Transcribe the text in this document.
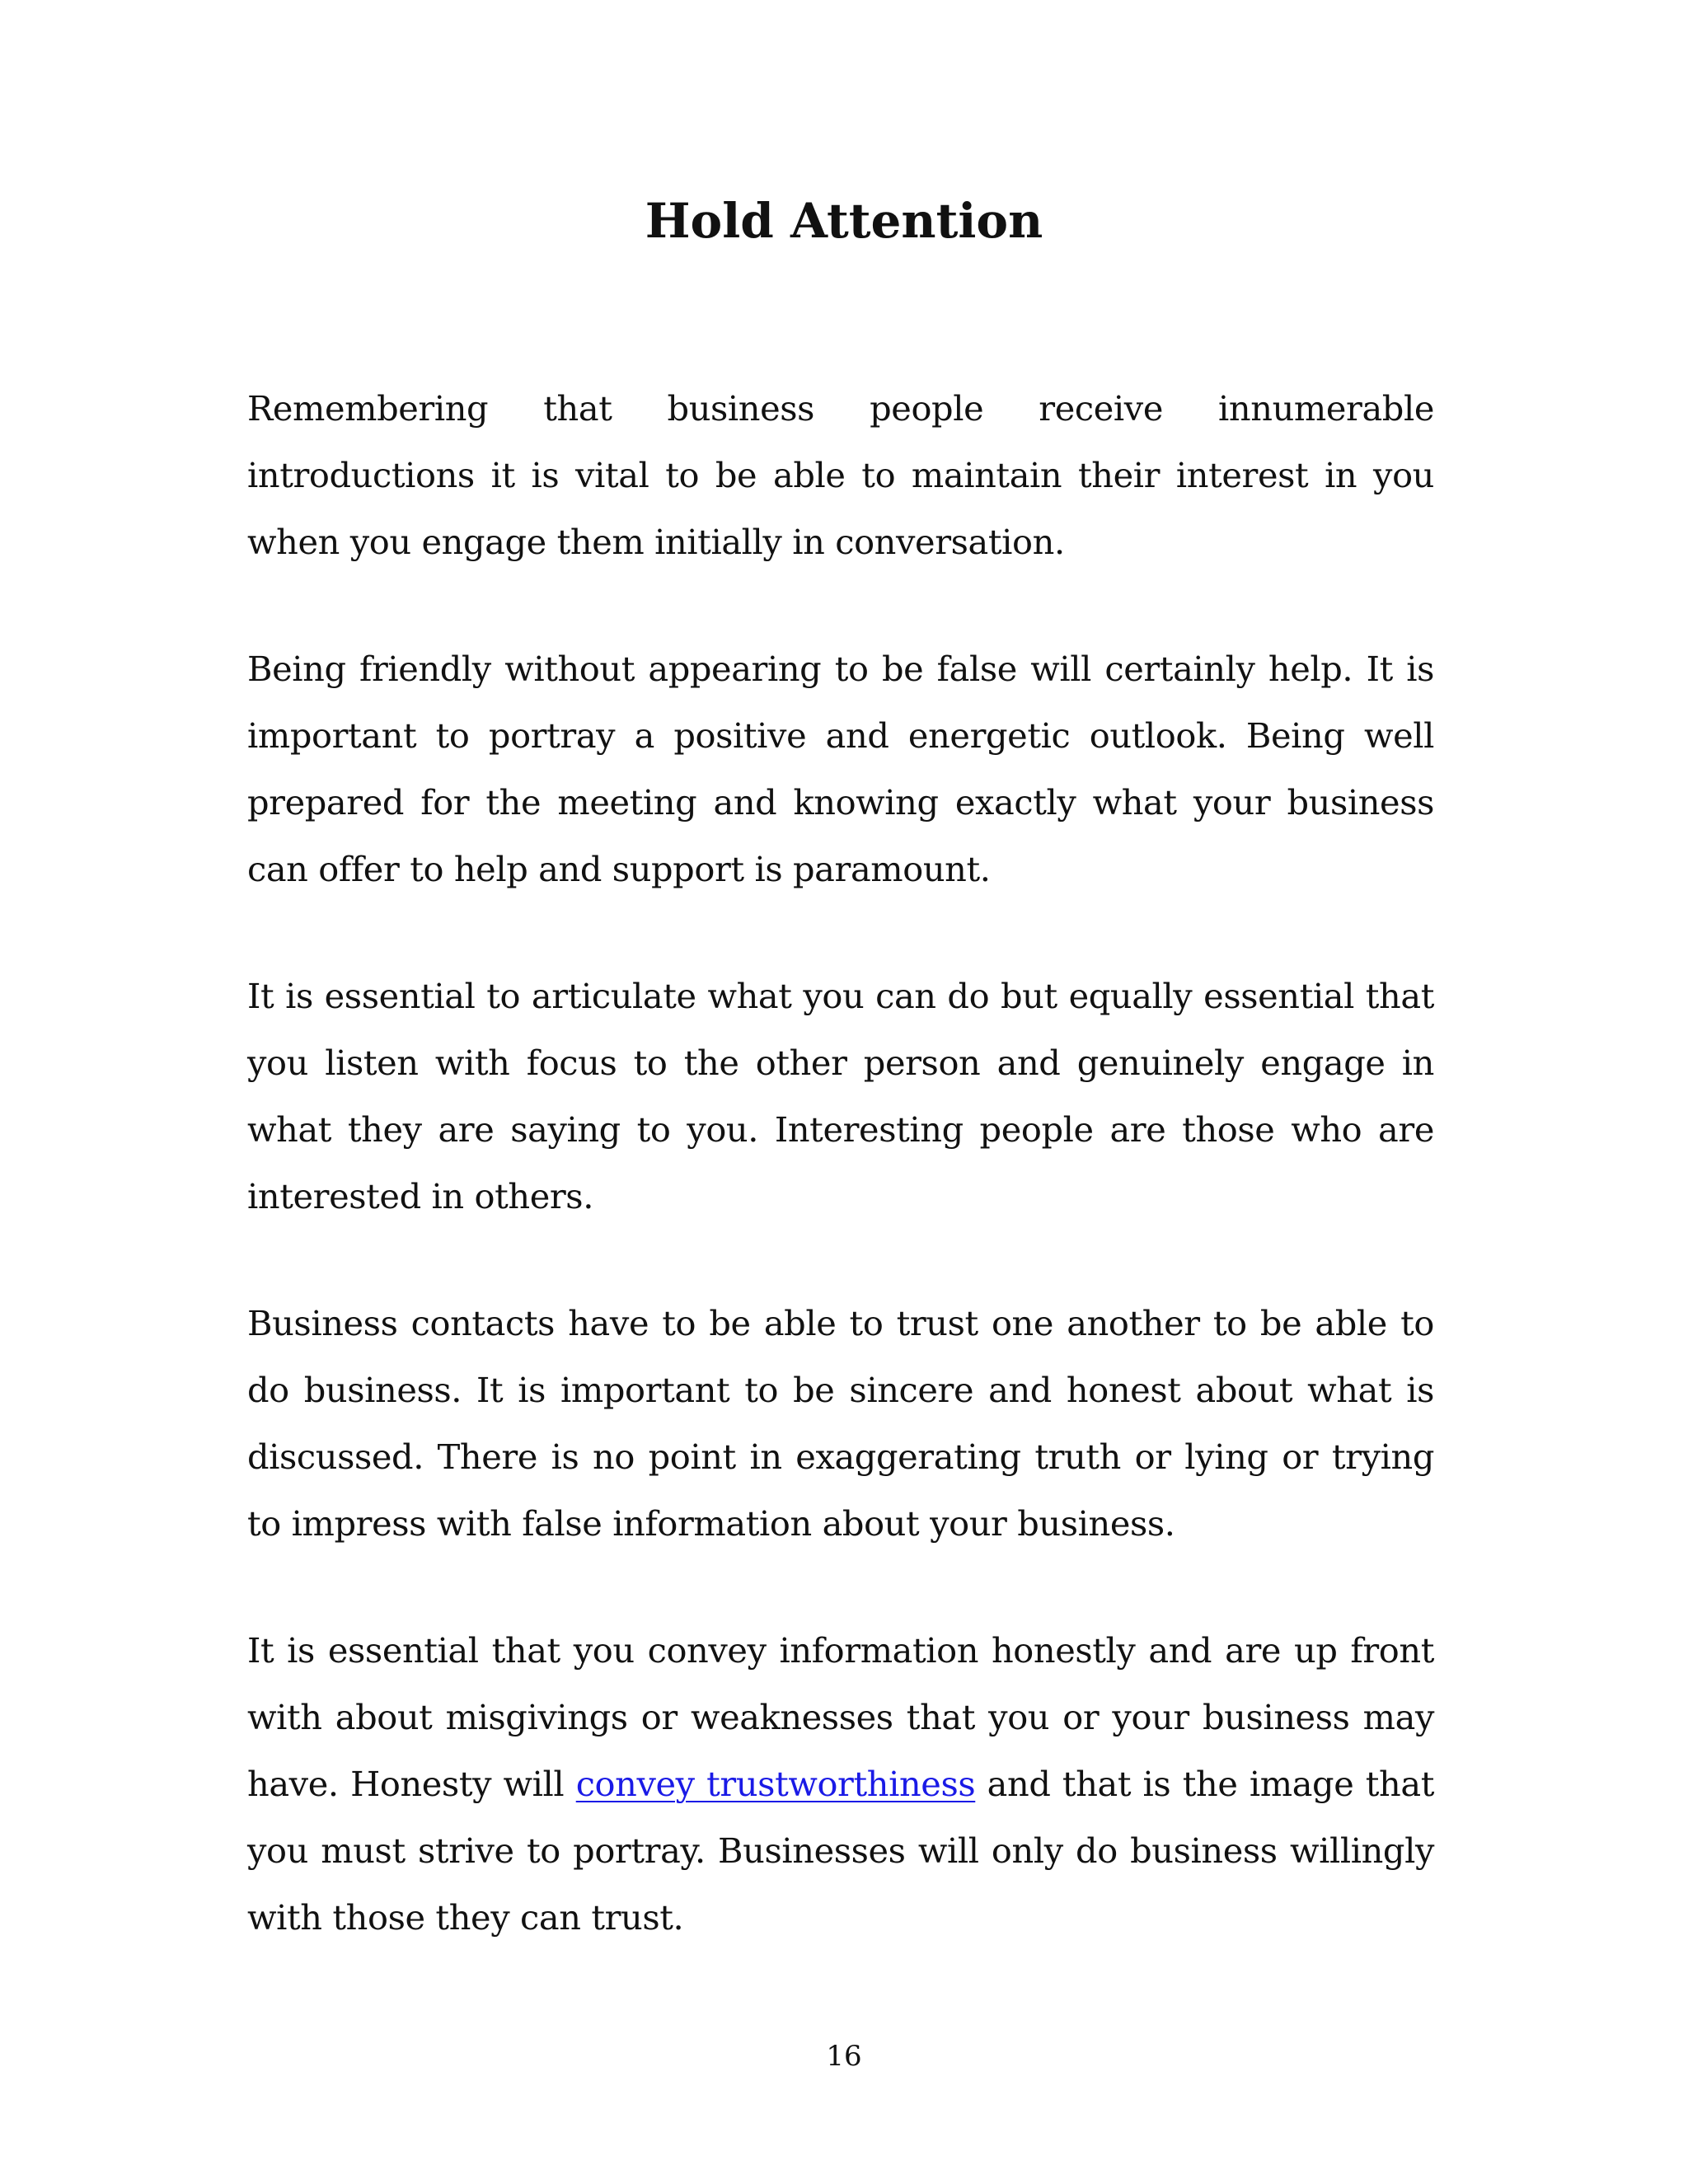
Hold Attention

Remembering that business people receive innumerable introductions it is vital to be able to maintain their interest in you when you engage them initially in conversation.

Being friendly without appearing to be false will certainly help. It is important to portray a positive and energetic outlook. Being well prepared for the meeting and knowing exactly what your business can offer to help and support is paramount.

It is essential to articulate what you can do but equally essential that you listen with focus to the other person and genuinely engage in what they are saying to you. Interesting people are those who are interested in others.

Business contacts have to be able to trust one another to be able to do business. It is important to be sincere and honest about what is discussed. There is no point in exaggerating truth or lying or trying to impress with false information about your business.

It is essential that you convey information honestly and are up front with about misgivings or weaknesses that you or your business may have. Honesty will convey trustworthiness and that is the image that you must strive to portray. Businesses will only do business willingly with those they can trust.

16
